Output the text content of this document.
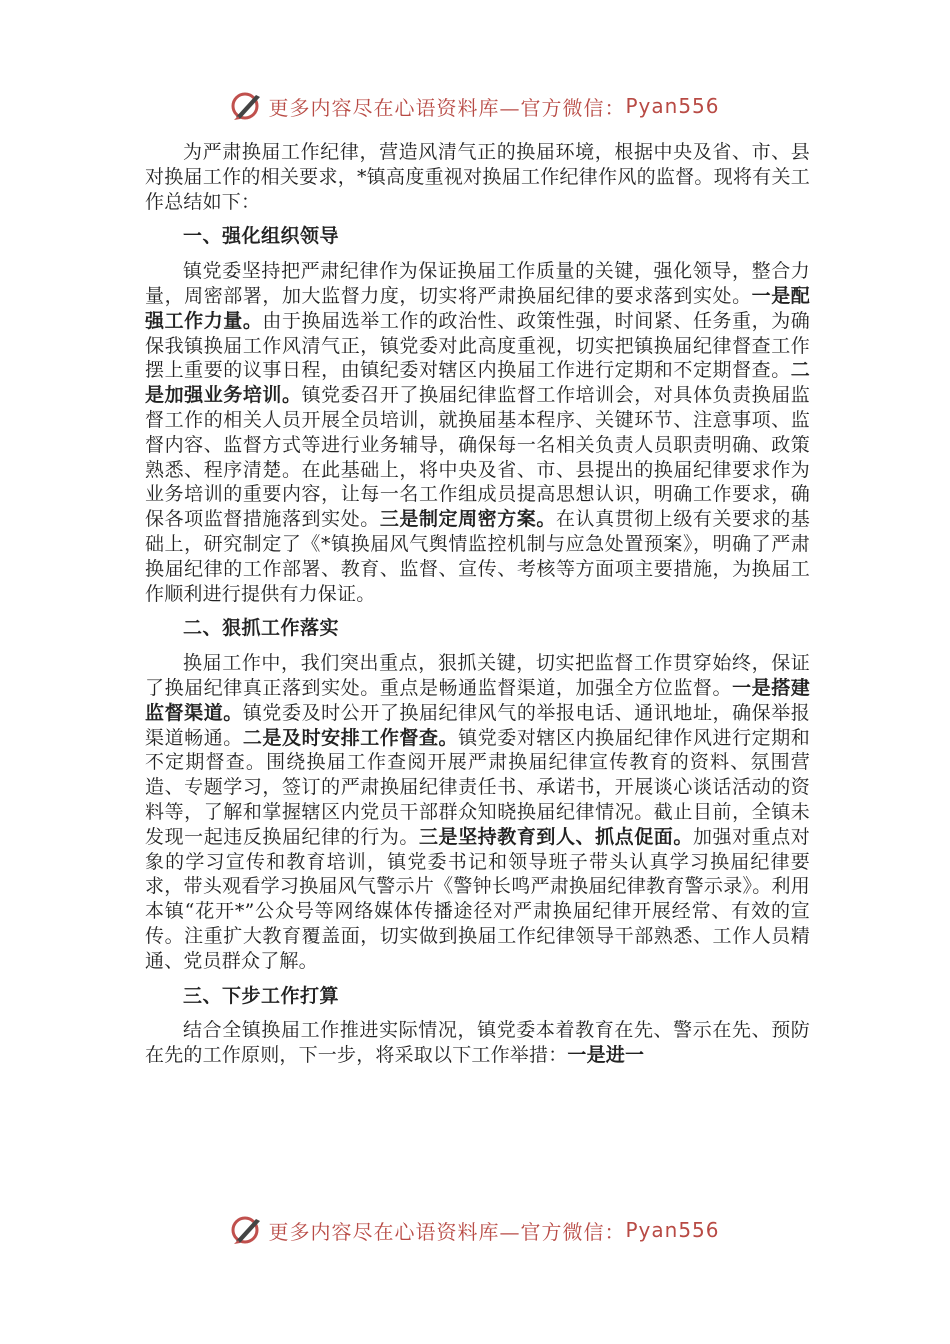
更多内容尽在心语资料库—官方微信： Pyan556

为严肃换届工作纪律，营造风清气正的换届环境，根据中央及省、市、县对换届工作的相关要求，*镇高度重视对换届工作纪律作风的监督。现将有关工作总结如下：

一、强化组织领导

镇党委坚持把严肃纪律作为保证换届工作质量的关键，强化领导，整合力量，周密部署，加大监督力度，切实将严肃换届纪律的要求落到实处。一是配强工作力量。由于换届选举工作的政治性、政策性强，时间紧、任务重，为确保我镇换届工作风清气正，镇党委对此高度重视，切实把镇换届纪律督查工作摆上重要的议事日程，由镇纪委对辖区内换届工作进行定期和不定期督查。二是加强业务培训。镇党委召开了换届纪律监督工作培训会，对具体负责换届监督工作的相关人员开展全员培训，就换届基本程序、关键环节、注意事项、监督内容、监督方式等进行业务辅导，确保每一名相关负责人员职责明确、政策熟悉、程序清楚。在此基础上，将中央及省、市、县提出的换届纪律要求作为业务培训的重要内容，让每一名工作组成员提高思想认识，明确工作要求，确保各项监督措施落到实处。三是制定周密方案。在认真贯彻上级有关要求的基础上，研究制定了《*镇换届风气舆情监控机制与应急处置预案》，明确了严肃换届纪律的工作部署、教育、监督、宣传、考核等方面项主要措施，为换届工作顺利进行提供有力保证。

二、狠抓工作落实

换届工作中，我们突出重点，狠抓关键，切实把监督工作贯穿始终，保证了换届纪律真正落到实处。重点是畅通监督渠道，加强全方位监督。一是搭建监督渠道。镇党委及时公开了换届纪律风气的举报电话、通讯地址，确保举报渠道畅通。二是及时安排工作督查。镇党委对辖区内换届纪律作风进行定期和不定期督查。围绕换届工作查阅开展严肃换届纪律宣传教育的资料、氛围营造、专题学习，签订的严肃换届纪律责任书、承诺书，开展谈心谈话活动的资料等，了解和掌握辖区内党员干部群众知晓换届纪律情况。截止目前，全镇未发现一起违反换届纪律的行为。三是坚持教育到人、抓点促面。加强对重点对象的学习宣传和教育培训，镇党委书记和领导班子带头认真学习换届纪律要求，带头观看学习换届风气警示片《警钟长鸣严肃换届纪律教育警示录》。利用本镇“花开*”公众号等网络媒体传播途径对严肃换届纪律开展经常、有效的宣传。注重扩大教育覆盖面，切实做到换届工作纪律领导干部熟悉、工作人员精通、党员群众了解。

三、下步工作打算

结合全镇换届工作推进实际情况，镇党委本着教育在先、警示在先、预防在先的工作原则，下一步，将采取以下工作举措：一是进一

更多内容尽在心语资料库—官方微信： Pyan556
